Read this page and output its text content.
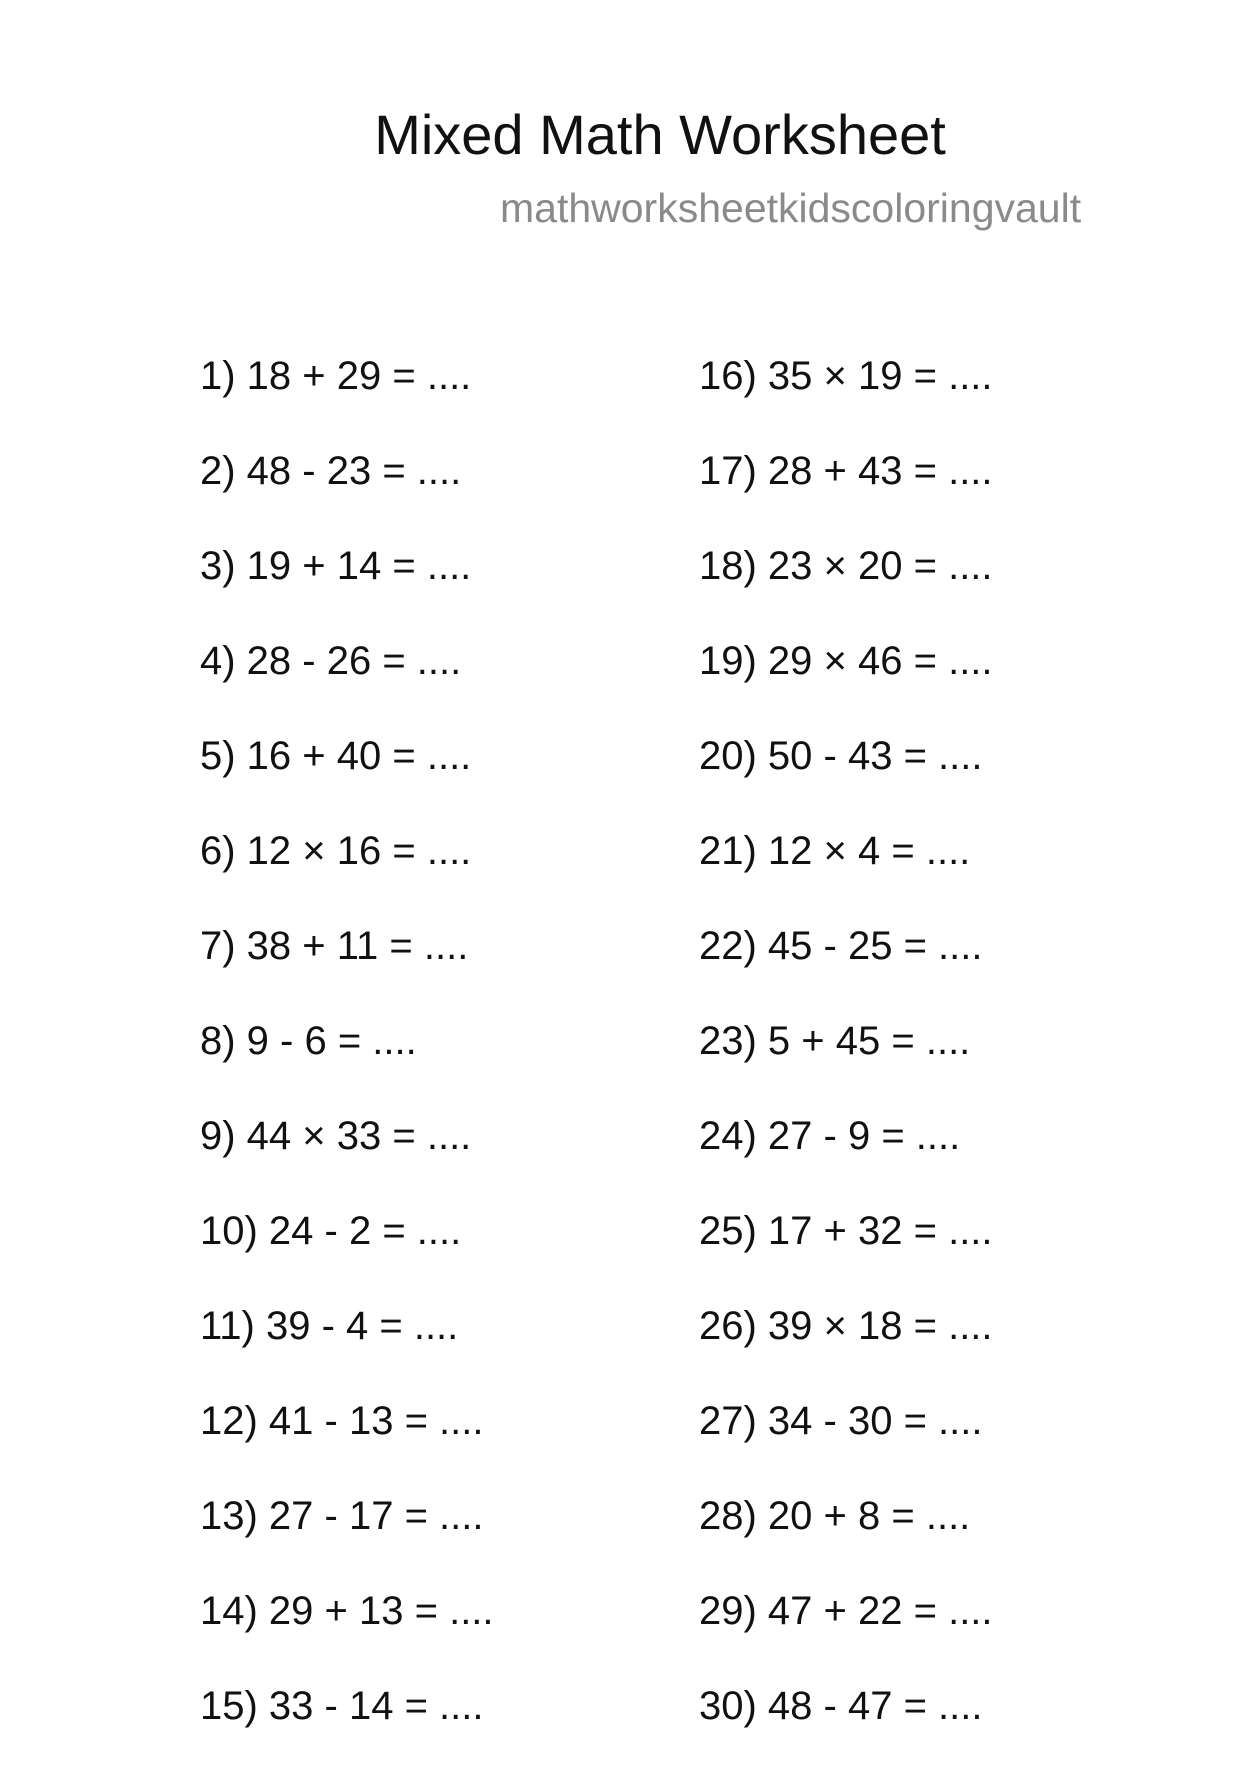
Mixed Math Worksheet
mathworksheetkidscoloringvault
1) 18 + 29 = ....
2) 48 - 23 = ....
3) 19 + 14 = ....
4) 28 - 26 = ....
5) 16 + 40 = ....
6) 12 × 16 = ....
7) 38 + 11 = ....
8) 9 - 6 = ....
9) 44 × 33 = ....
10) 24 - 2 = ....
11) 39 - 4 = ....
12) 41 - 13 = ....
13) 27 - 17 = ....
14) 29 + 13 = ....
15) 33 - 14 = ....
16) 35 × 19 = ....
17) 28 + 43 = ....
18) 23 × 20 = ....
19) 29 × 46 = ....
20) 50 - 43 = ....
21) 12 × 4 = ....
22) 45 - 25 = ....
23) 5 + 45 = ....
24) 27 - 9 = ....
25) 17 + 32 = ....
26) 39 × 18 = ....
27) 34 - 30 = ....
28) 20 + 8 = ....
29) 47 + 22 = ....
30) 48 - 47 = ....
